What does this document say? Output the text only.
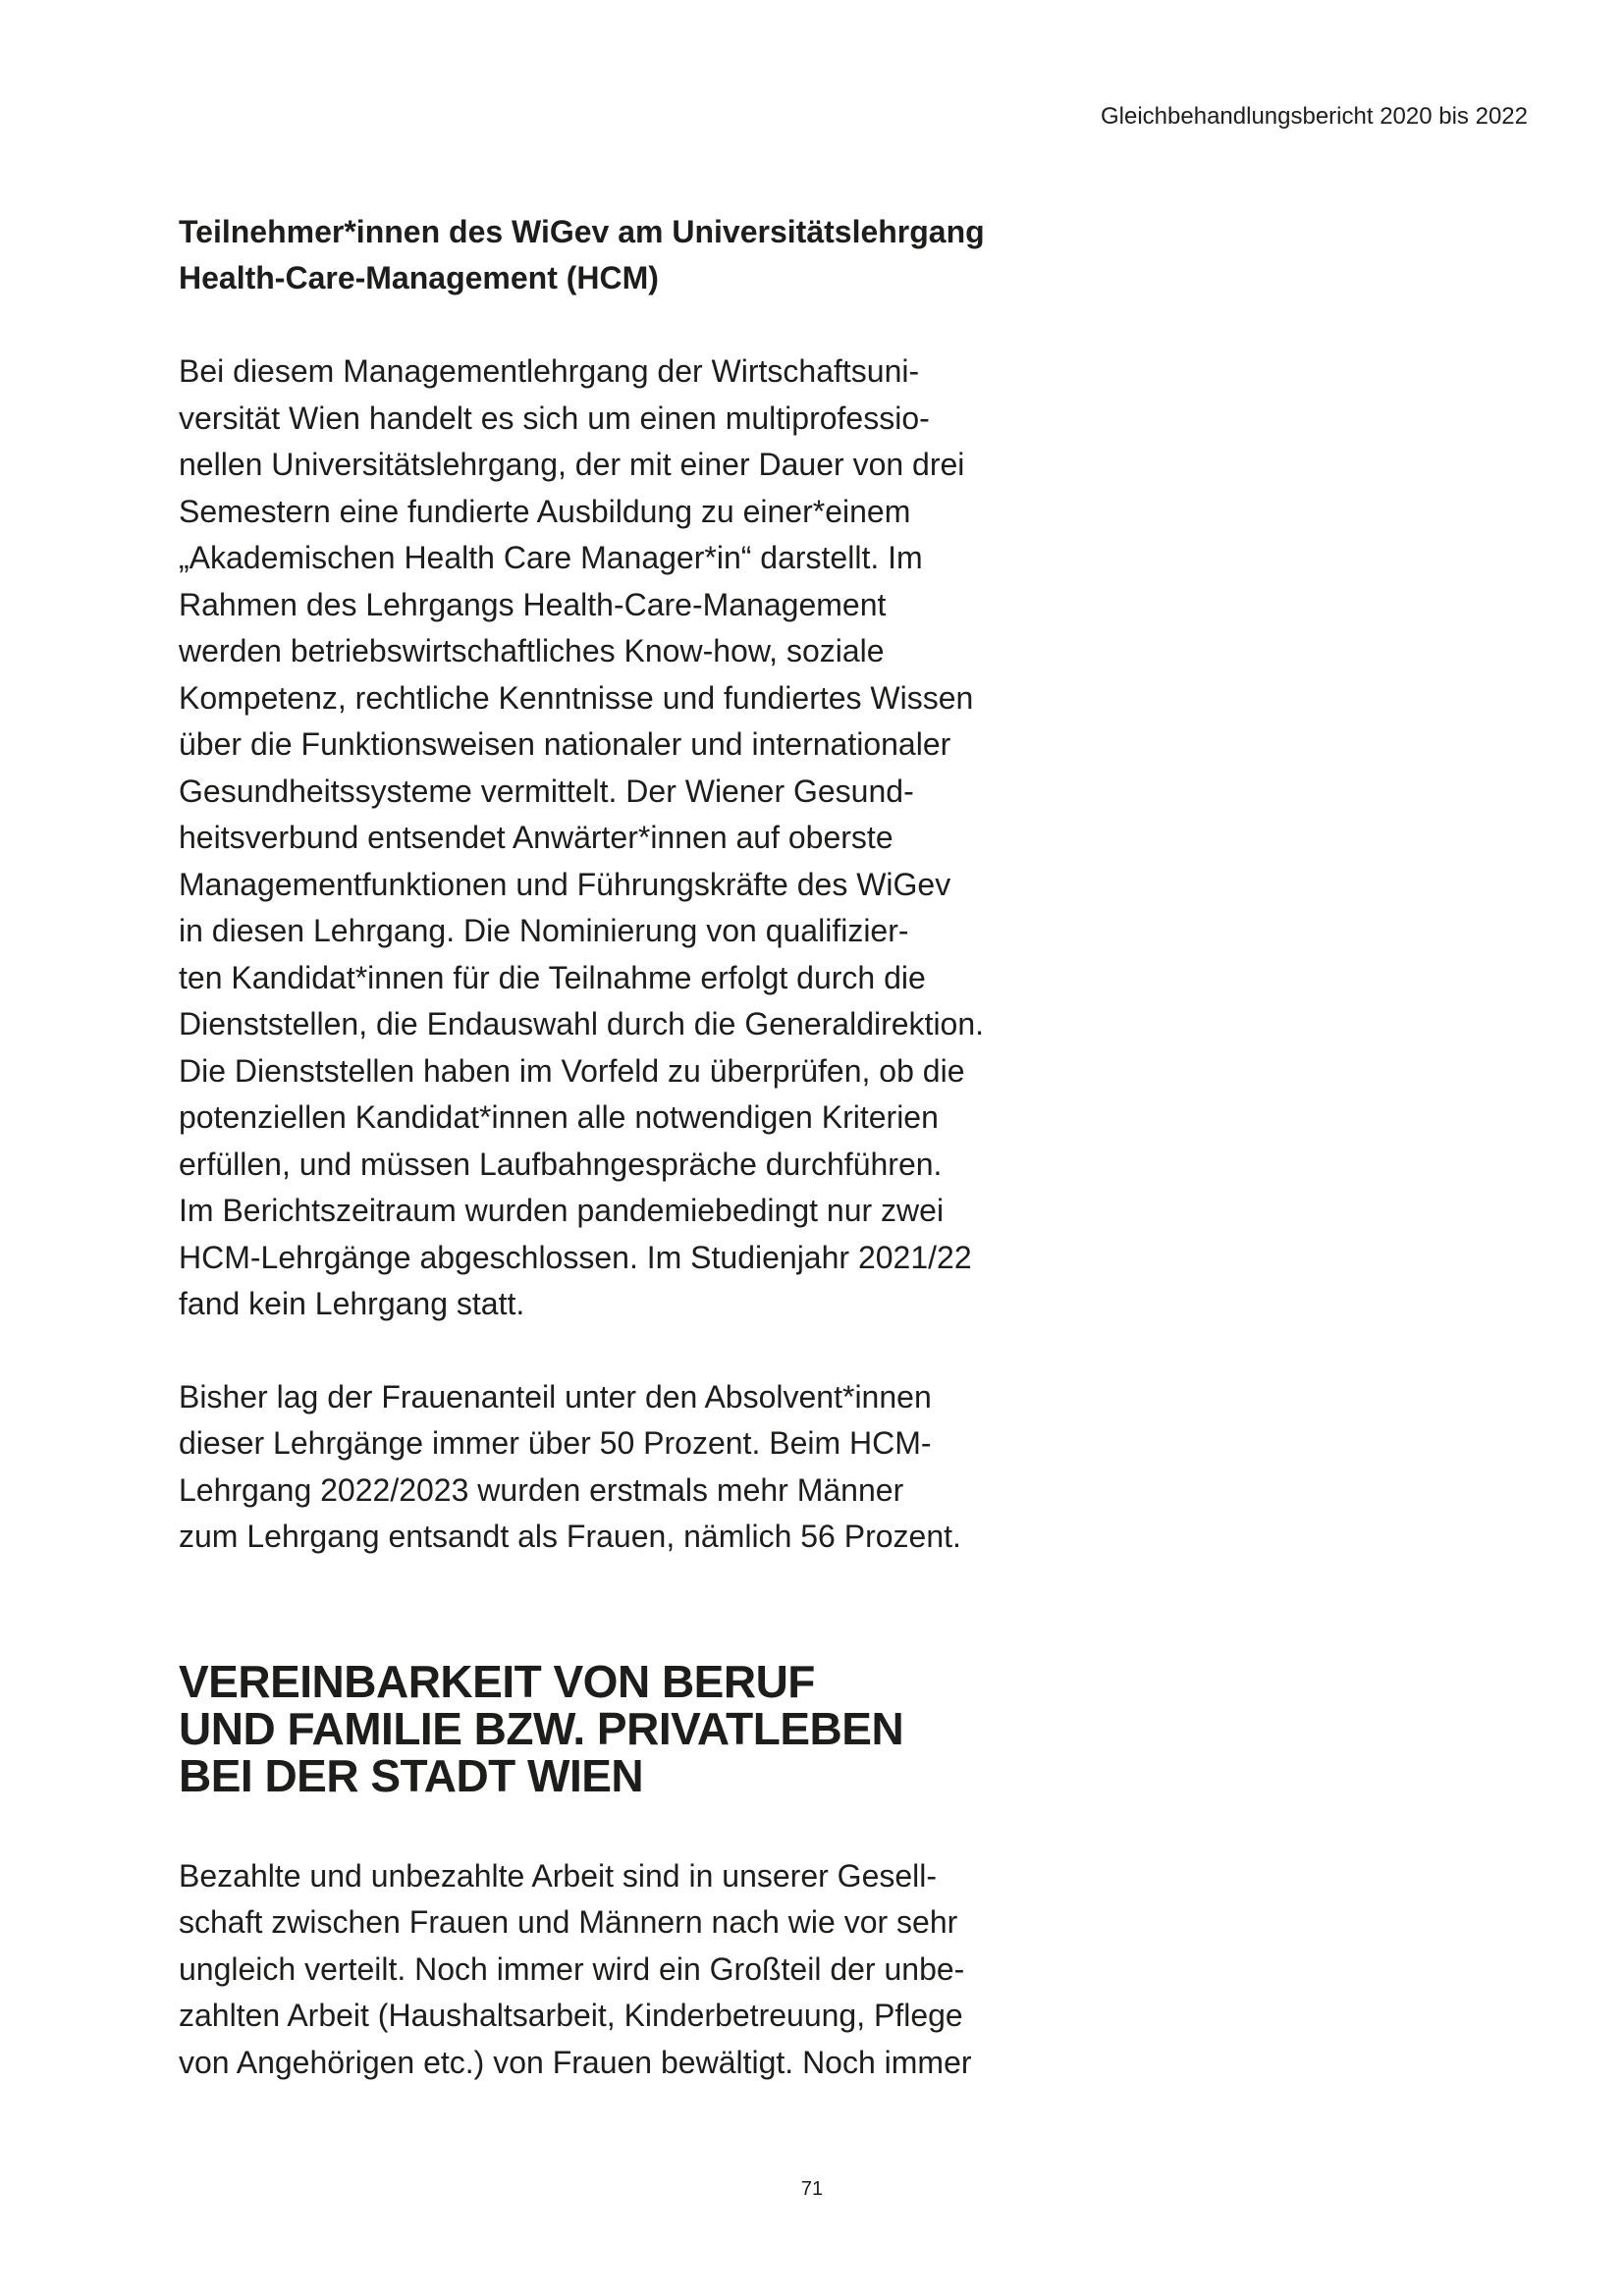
Gleichbehandlungsbericht 2020 bis 2022
Teilnehmer*innen des WiGev am Universitätslehrgang
Health-Care-Management (HCM)

Bei diesem Managementlehrgang der Wirtschaftsuni-
versität Wien handelt es sich um einen multiprofessio-
nellen Universitätslehrgang, der mit einer Dauer von drei
Semestern eine fundierte Ausbildung zu einer*einem
„Akademischen Health Care Manager*in“ darstellt. Im
Rahmen des Lehrgangs Health-Care-Management
werden betriebswirtschaftliches Know-how, soziale
Kompetenz, rechtliche Kenntnisse und fundiertes Wissen
über die Funktionsweisen nationaler und internationaler
Gesundheitssysteme vermittelt. Der Wiener Gesund-
heitsverbund entsendet Anwärter*innen auf oberste
Managementfunktionen und Führungskräfte des WiGev
in diesen Lehrgang. Die Nominierung von qualifizier-
ten Kandidat*innen für die Teilnahme erfolgt durch die
Dienststellen, die Endauswahl durch die Generaldirektion.
Die Dienststellen haben im Vorfeld zu überprüfen, ob die
potenziellen Kandidat*innen alle notwendigen Kriterien
erfüllen, und müssen Laufbahngespräche durchführen.
Im Berichtszeitraum wurden pandemiebedingt nur zwei
HCM-Lehrgänge abgeschlossen. Im Studienjahr 2021/22
fand kein Lehrgang statt.

Bisher lag der Frauenanteil unter den Absolvent*innen
dieser Lehrgänge immer über 50 Prozent. Beim HCM-
Lehrgang 2022/2023 wurden erstmals mehr Männer
zum Lehrgang entsandt als Frauen, nämlich 56 Prozent.

VEREINBARKEIT VON BERUF
UND FAMILIE BZW. PRIVATLEBEN
BEI DER STADT WIEN

Bezahlte und unbezahlte Arbeit sind in unserer Gesell-
schaft zwischen Frauen und Männern nach wie vor sehr
ungleich verteilt. Noch immer wird ein Großteil der unbe-
zahlten Arbeit (Haushaltsarbeit, Kinderbetreuung, Pflege
von Angehörigen etc.) von Frauen bewältigt. Noch immer

71
